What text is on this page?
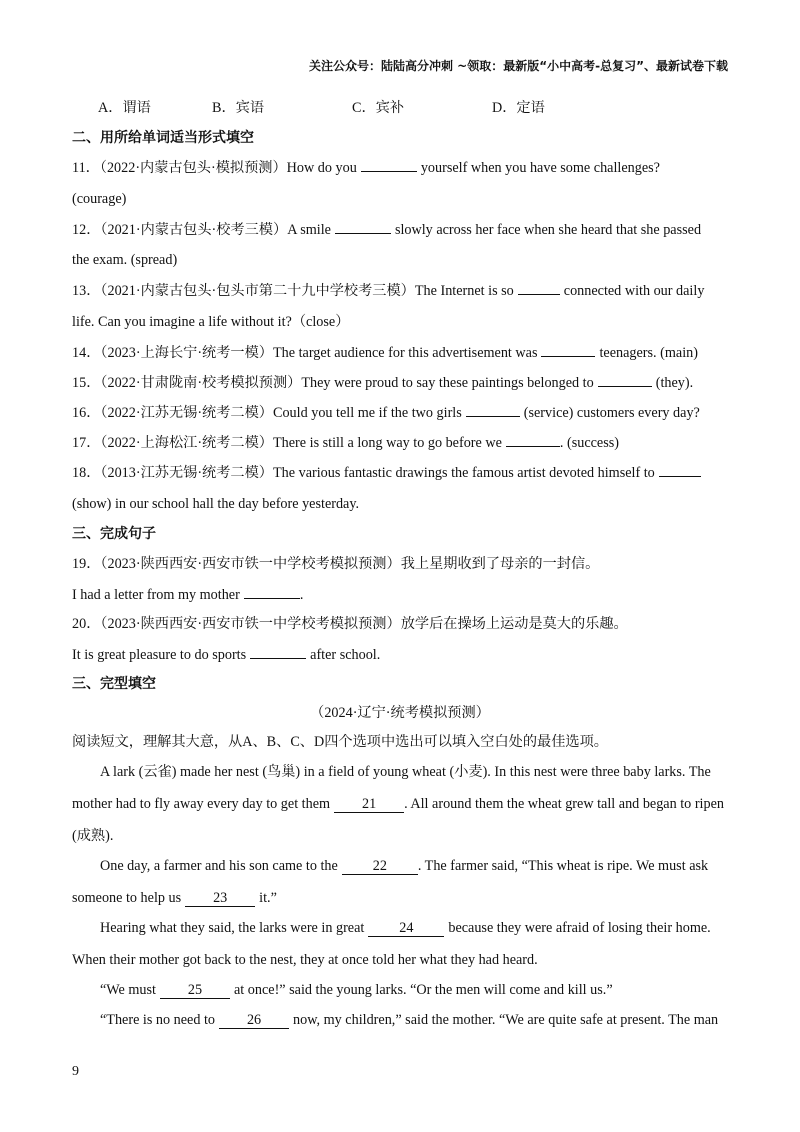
关注公众号：陆陆高分冲刺 ~领取：最新版“小中高考-总复习”、最新试卷下载
A．谓语	B．宾语	C．宾补	D．定语
二、用所给单词适当形式填空
11．（2022·内蒙古包头·模拟预测）How do you	yourself when you have some challenges?
(courage)
12．（2021·内蒙古包头·校考三模）A smile	slowly across her face when she heard that she passed
the exam. (spread)
13．（2021·内蒙古包头·包头市第二十九中学校考三模）The Internet is so	connected with our daily
life. Can you imagine a life without it?（close）
14．（2023·上海长宁·统考一模）The target audience for this advertisement was	teenagers. (main)
15．（2022·甘肃陇南·校考模拟预测）They were proud to say these paintings belonged to	(they).
16．（2022·江苏无锡·统考二模）Could you tell me if the two girls	(service) customers every day?
17．（2022·上海松江·统考二模）There is still a long way to go before we	. (success)
18．（2013·江苏无锡·统考二模）The various fantastic drawings the famous artist devoted himself to
(show) in our school hall the day before yesterday.
三、完成句子
19．（2023·陕西西安·西安市铁一中学校考模拟预测）我上星期收到了母亲的一封信。
I had a letter from my mother	.
20．（2023·陕西西安·西安市铁一中学校考模拟预测）放学后在操场上运动是莫大的乐趣。
It is great pleasure to do sports	after school.
三、完型填空
（2024·辽宁·统考模拟预测）
阅读短文，理解其大意，从A、B、C、D四个选项中选出可以填入空白处的最佳选项。
A lark (云雀) made her nest (鸟巢) in a field of young wheat (小麦). In this nest were three baby larks. The
mother had to fly away every day to get them 21 . All around them the wheat grew tall and began to ripen
(成熟).
One day, a farmer and his son came to the 22 . The farmer said, “This wheat is ripe. We must ask
someone to help us 23 it.”
Hearing what they said, the larks were in great 24 because they were afraid of losing their home.
When their mother got back to the nest, they at once told her what they had heard.
“We must 25 at once!” said the young larks. “Or the men will come and kill us.”
“There is no need to 26 now, my children,” said the mother. “We are quite safe at present. The man
9
